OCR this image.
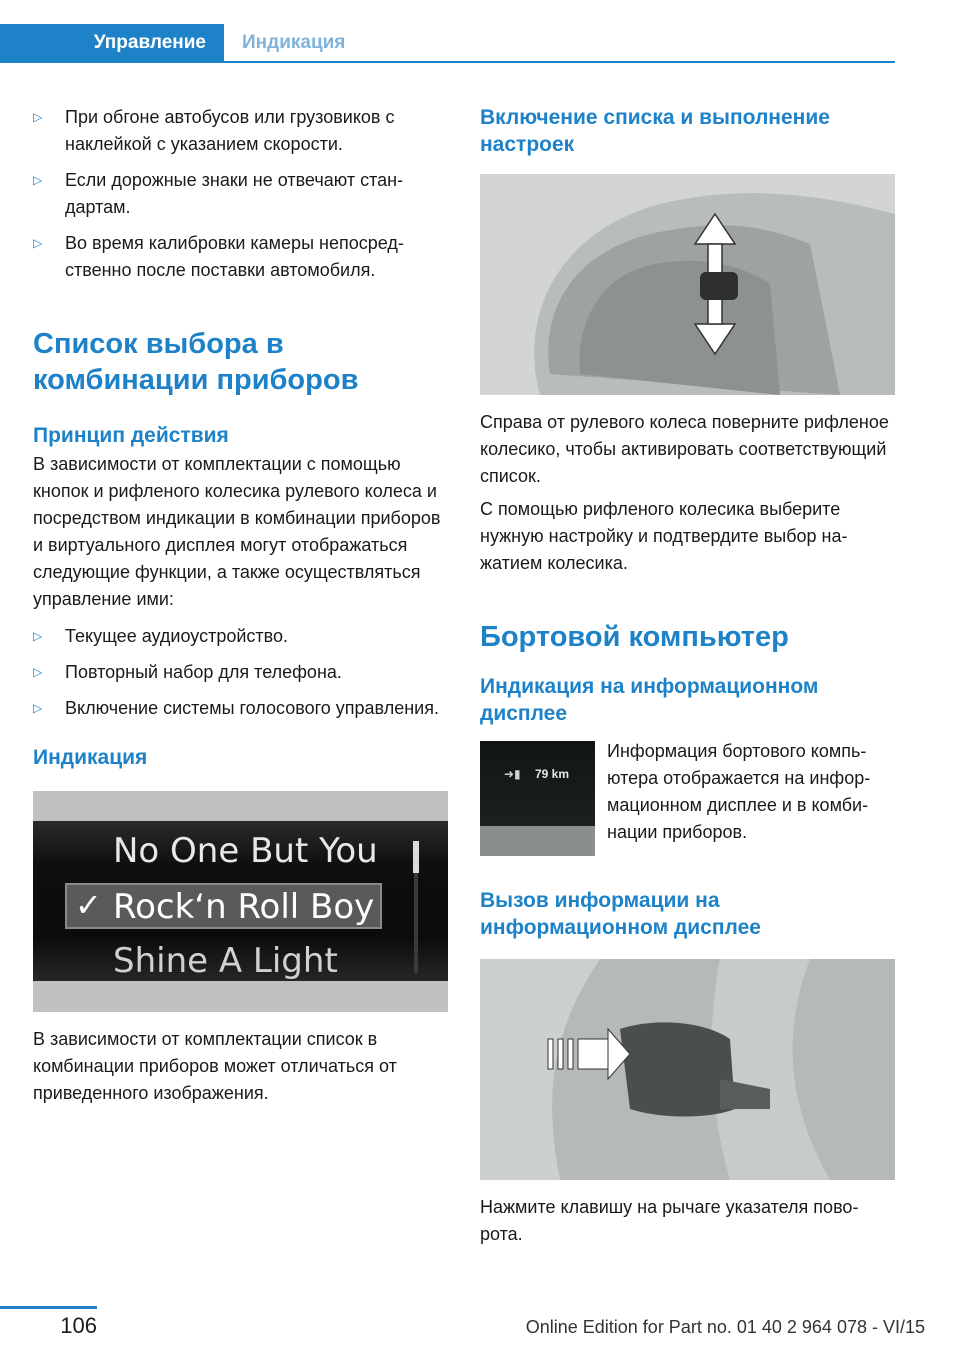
Управление	Индикация
▷	При обгоне автобусов или грузовиков с наклейкой с указанием скорости.
▷	Если дорожные знаки не отвечают стандартам.
▷	Во время калибровки камеры непосредственно после поставки автомобиля.
Список выбора в комбинации приборов
Принцип действия
В зависимости от комплектации с помощью кнопок и рифленого колесика рулевого колеса и посредством индикации в комбинации приборов и виртуального дисплея могут отображаться следующие функции, а также осуществляться управление ими:
▷	Текущее аудиоустройство.
▷	Повторный набор для телефона.
▷	Включение системы голосового управления.
Индикация
No One But You
✓ Rock‘n Roll Boy
Shine A Light
В зависимости от комплектации список в комбинации приборов может отличаться от приведенного изображения.
Включение списка и выполнение настроек
Справа от рулевого колеса поверните рифленое колесико, чтобы активировать соответствующий список.
С помощью рифленого колесика выберите нужную настройку и подтвердите выбор нажатием колесика.
Бортовой компьютер
Индикация на информационном дисплее
➜▮ 79 km
Информация бортового компьютера отображается на информационном дисплее и в комбинации приборов.
Вызов информации на информационном дисплее
Нажмите клавишу на рычаге указателя поворота.
106	Online Edition for Part no. 01 40 2 964 078 - VI/15
